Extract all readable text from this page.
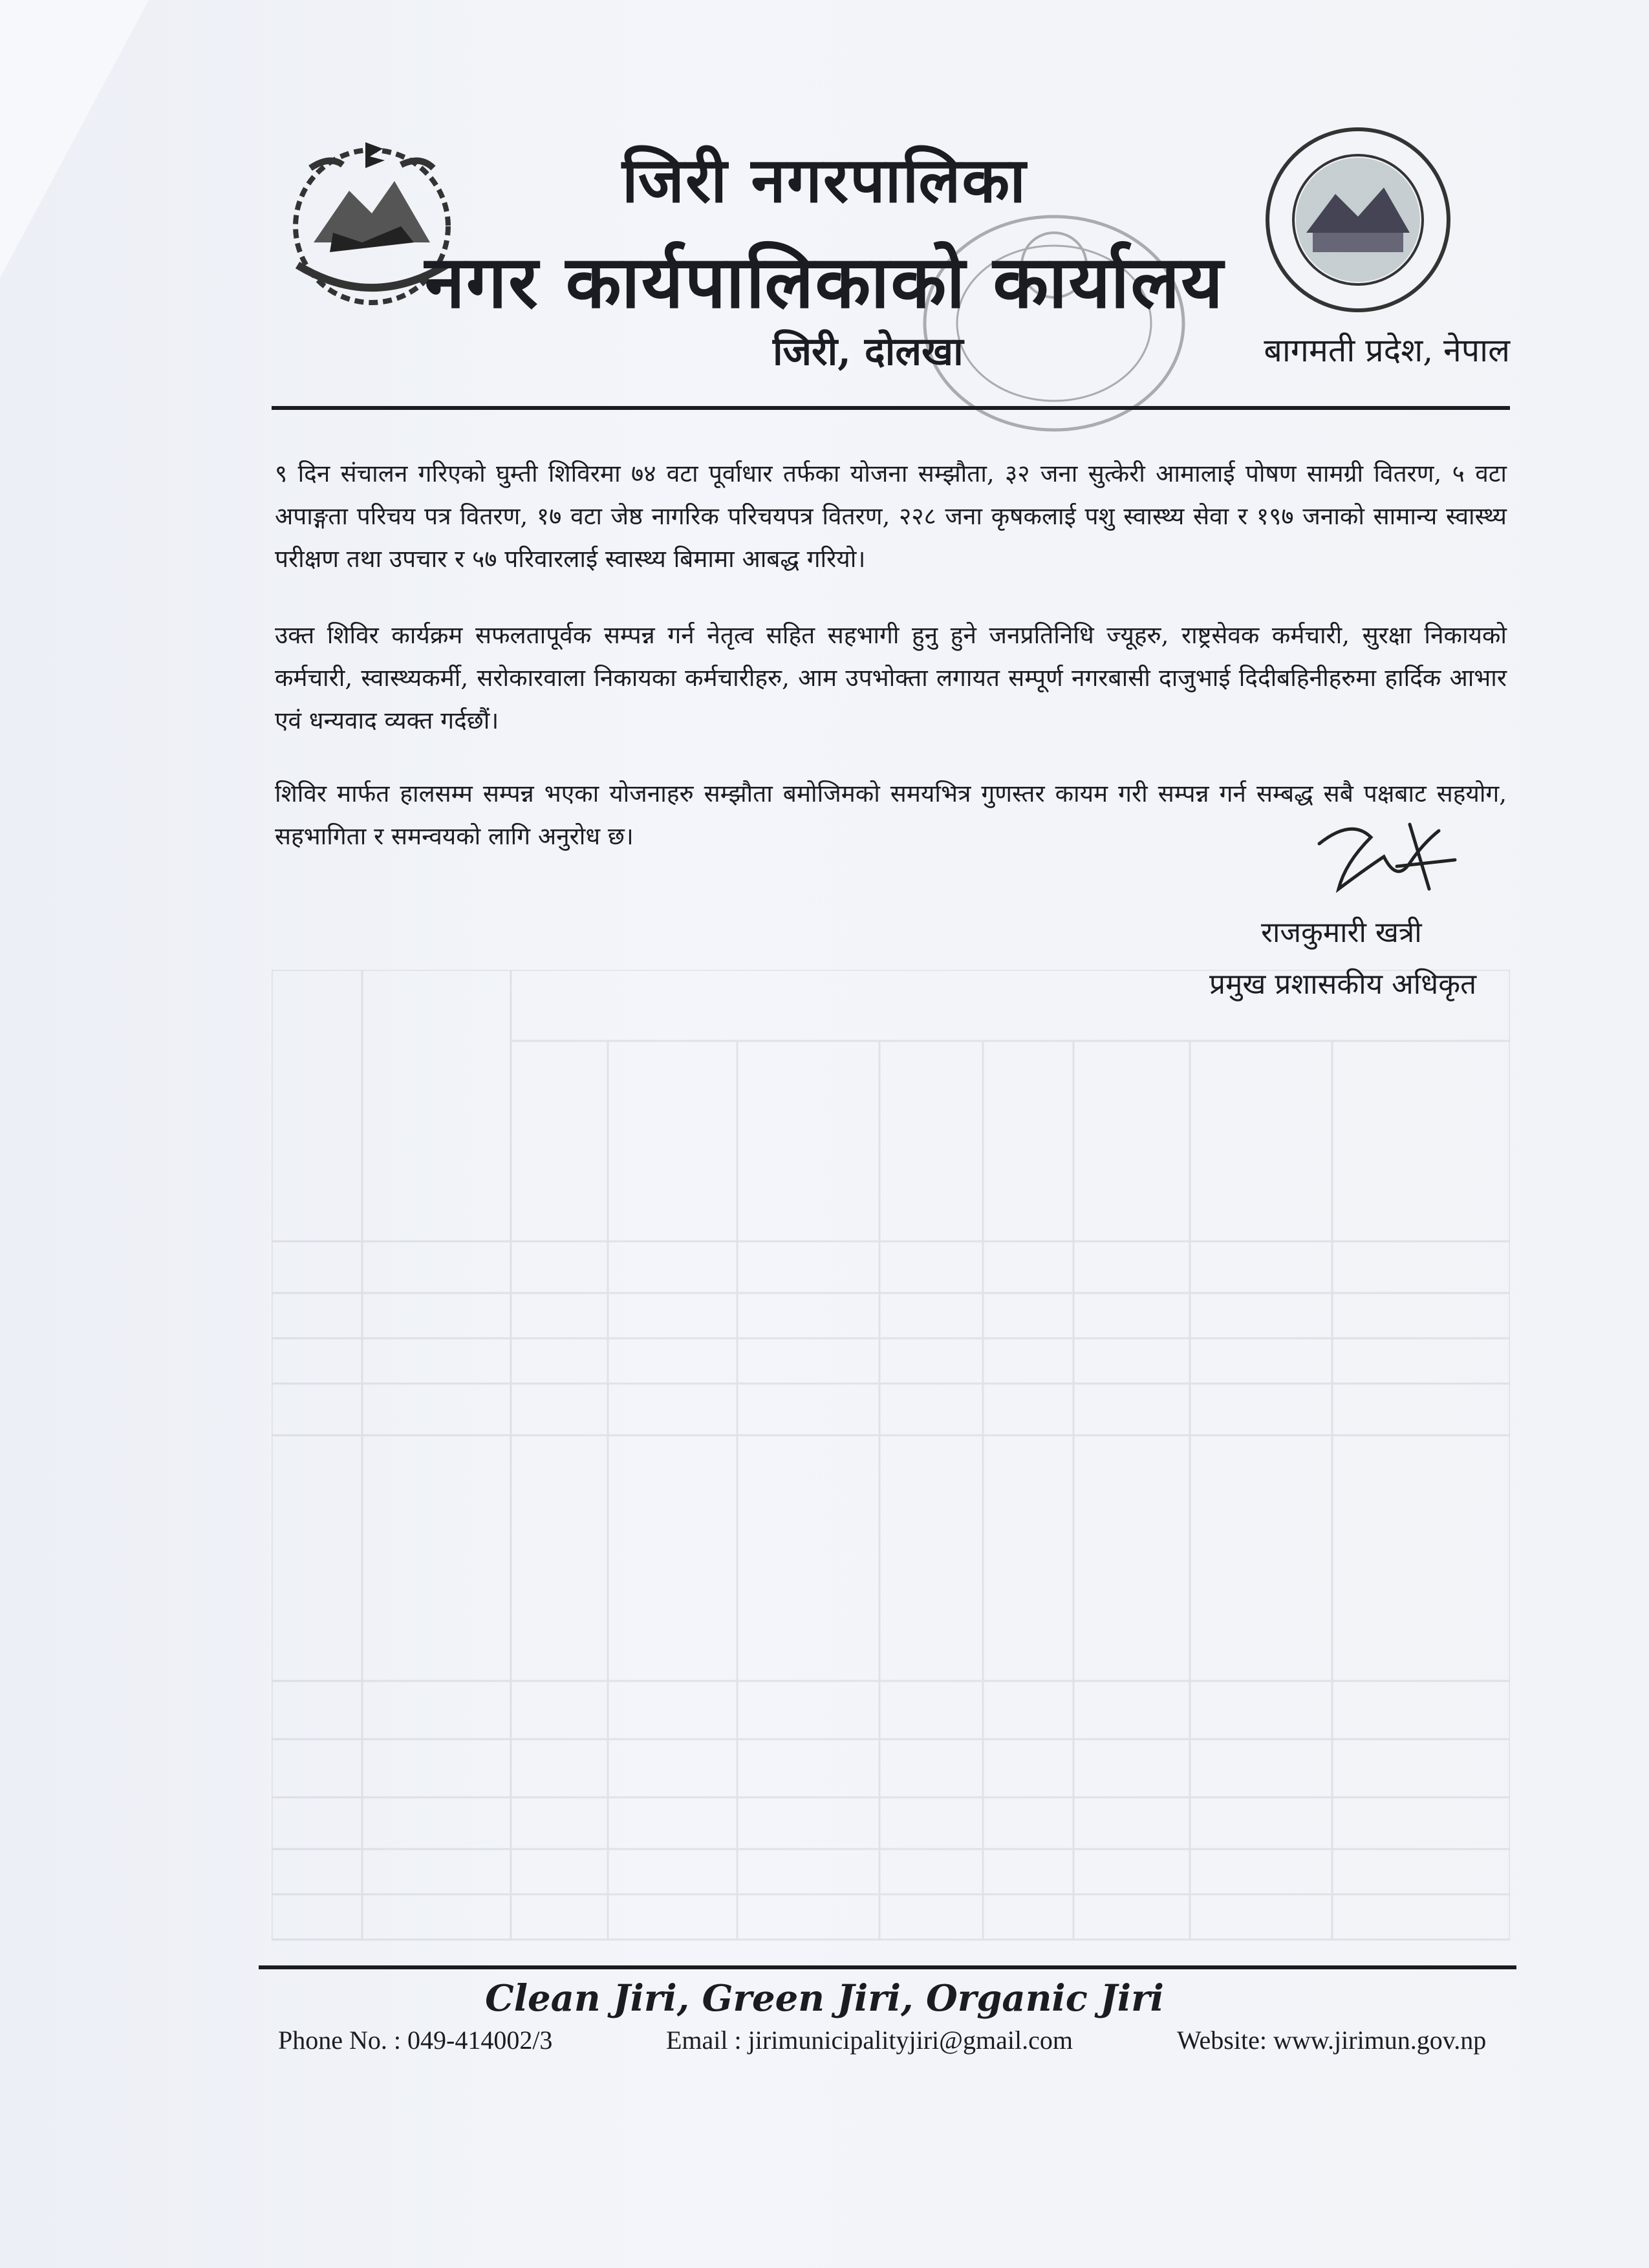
जिरी नगरपालिका
नगर कार्यपालिकाको कार्यालय
जिरी, दोलखा	बागमती प्रदेश, नेपाल
९ दिन संचालन गरिएको घुम्ती शिविरमा ७४ वटा पूर्वाधार तर्फका योजना सम्झौता, ३२ जना सुत्केरी आमालाई पोषण सामग्री वितरण, ५ वटा अपाङ्गता परिचय पत्र वितरण, १७ वटा जेष्ठ नागरिक परिचयपत्र वितरण, २२८ जना कृषकलाई पशु स्वास्थ्य सेवा र १९७ जनाको सामान्य स्वास्थ्य परीक्षण तथा उपचार र ५७ परिवारलाई स्वास्थ्य बिमामा आबद्ध गरियो।
उक्त शिविर कार्यक्रम सफलतापूर्वक सम्पन्न गर्न नेतृत्व सहित सहभागी हुनु हुने जनप्रतिनिधि ज्यूहरु, राष्ट्रसेवक कर्मचारी, सुरक्षा निकायको कर्मचारी, स्वास्थ्यकर्मी, सरोकारवाला निकायका कर्मचारीहरु, आम उपभोक्ता लगायत सम्पूर्ण नगरबासी दाजुभाई दिदीबहिनीहरुमा हार्दिक आभार एवं धन्यवाद व्यक्त गर्दछौं।
शिविर मार्फत हालसम्म सम्पन्न भएका योजनाहरु सम्झौता बमोजिमको समयभित्र गुणस्तर कायम गरी सम्पन्न गर्न सम्बद्ध सबै पक्षबाट सहयोग, सहभागिता र समन्वयको लागि अनुरोध छ।
राजकुमारी खत्री
प्रमुख प्रशासकीय अधिकृत
Clean Jiri, Green Jiri, Organic Jiri
Phone No. : 049-414002/3	Email : jirimunicipalityjiri@gmail.com	Website: www.jirimun.gov.np
